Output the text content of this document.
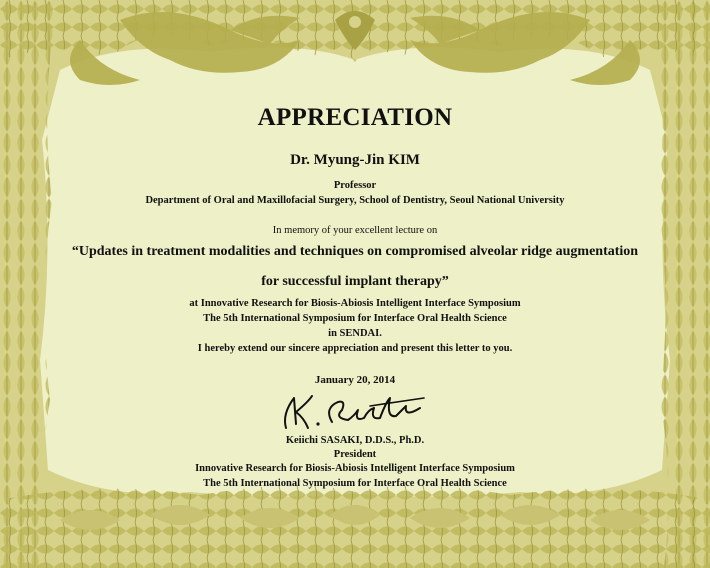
APPRECIATION
Dr. Myung-Jin KIM
Professor
Department of Oral and Maxillofacial Surgery, School of Dentistry, Seoul National University
In memory of your excellent lecture on
“Updates in treatment modalities and techniques on compromised alveolar ridge augmentation
for successful implant therapy”
at Innovative Research for Biosis-Abiosis Intelligent Interface Symposium
The 5th International Symposium for Interface Oral Health Science
in SENDAI.
I hereby extend our sincere appreciation and present this letter to you.
January 20, 2014
Keiichi SASAKI, D.D.S., Ph.D.
President
Innovative Research for Biosis-Abiosis Intelligent Interface Symposium
The 5th International Symposium for Interface Oral Health Science
